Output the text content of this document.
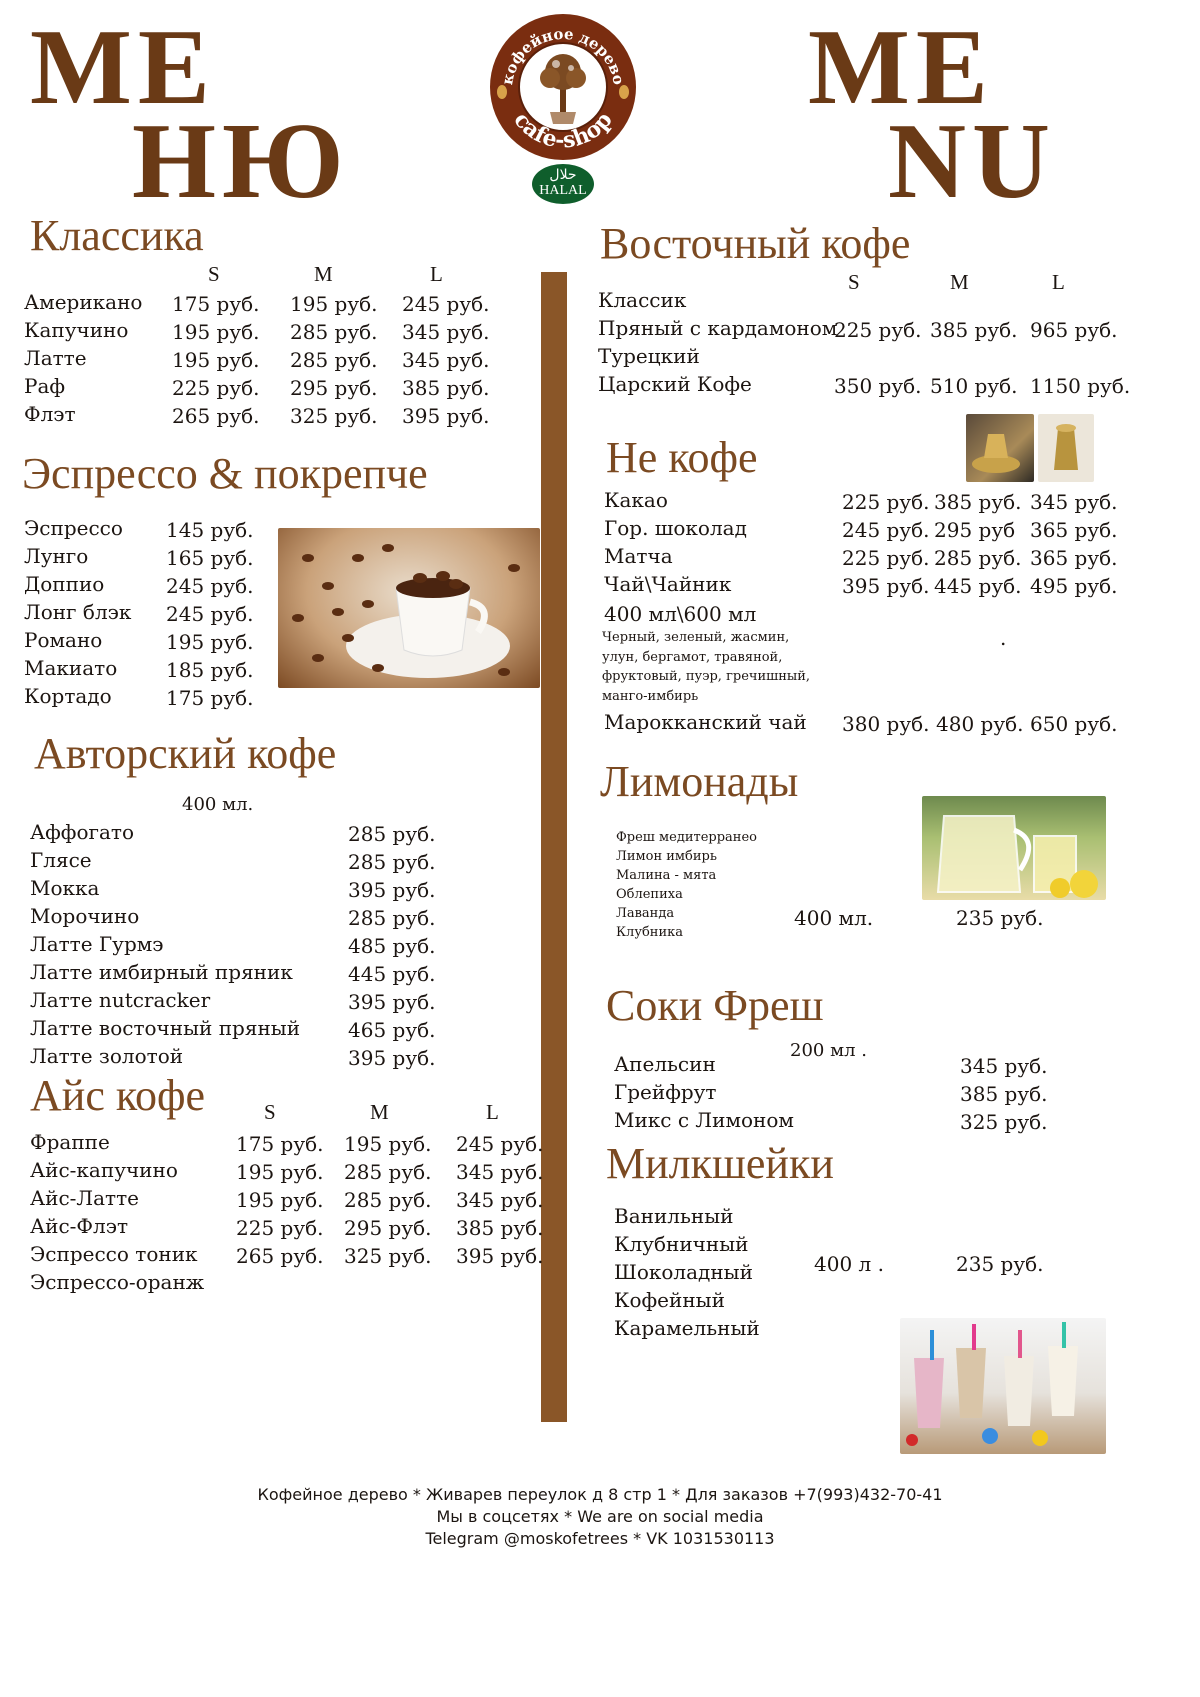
МЕ
НЮ
МЕ
NU
кофейное дерево
cafe-shop
حلال
HALAL
Классика
S	M	L
Американо 175 руб. 195 руб. 245 руб.
Капучино 195 руб. 285 руб. 345 руб.
Латте	195 руб. 285 руб. 345 руб.
Раф	225 руб. 295 руб. 385 руб.
Флэт	265 руб. 325 руб. 395 руб.
Эспрессо & покрепче
Эспрессо 145 руб.
Лунго	165 руб.
Доппио	245 руб.
Лонг блэк 245 руб.
Романо	195 руб.
Макиато 185 руб.
Кортадо	175 руб.
Авторский кофе
400 мл.
Аффогато	285 руб.
Глясе	285 руб.
Мокка	395 руб.
Морочино	285 руб.
Латте Гурмэ	485 руб.
Латте имбирный пряник	445 руб.
Латте nutcracker	395 руб.
Латте восточный пряный 465 руб.
Латте золотой	395 руб.
Айс кофе	S	M	L
Фраппе	175 руб. 195 руб. 245 руб.
Айс-капучино	195 руб. 285 руб. 345 руб.
Айс-Латте	195 руб. 285 руб. 345 руб.
Айс-Флэт	225 руб. 295 руб. 385 руб.
Эспрессо тоник 265 руб. 325 руб. 395 руб.
Эспрессо-оранж
Восточный кофе
S	M	L
Классик
Пряный с кардамоном
225 руб. 385 руб. 965 руб.
Турецкий
Царский Кофе	350 руб. 510 руб. 1150 руб.
Не кофе
Какао	225 руб. 385 руб. 345 руб.
Гор. шоколад	245 руб. 295 руб 365 руб.
Матча	225 руб. 285 руб. 365 руб.
Чай\Чайник	395 руб. 445 руб. 495 руб.
400 мл\600 мл
Черный, зеленый, жасмин,
улун, бергамот, травяной,
фруктовый, пуэр, гречишный,
манго-имбирь
.
Марокканский чай 380 руб. 480 руб. 650 руб.
Лимонады
Фреш медитерранео
Лимон имбирь
Малина - мята
Облепиха
Лаванда
Клубника
400 мл.	235 руб.
Соки Фреш
200 мл .
Апельсин	345 руб.
Грейфрут	385 руб.
Микс с Лимоном	325 руб.
Милкшейки
Ванильный
Клубничный
Шоколадный
Кофейный
Карамельный
400 л .	235 руб.
Кофейное дерево * Живарев переулок д 8 стр 1 * Для заказов +7(993)432-70-41
Мы в соцсетях * We are on social media
Telegram @moskofetrees * VK 1031530113
